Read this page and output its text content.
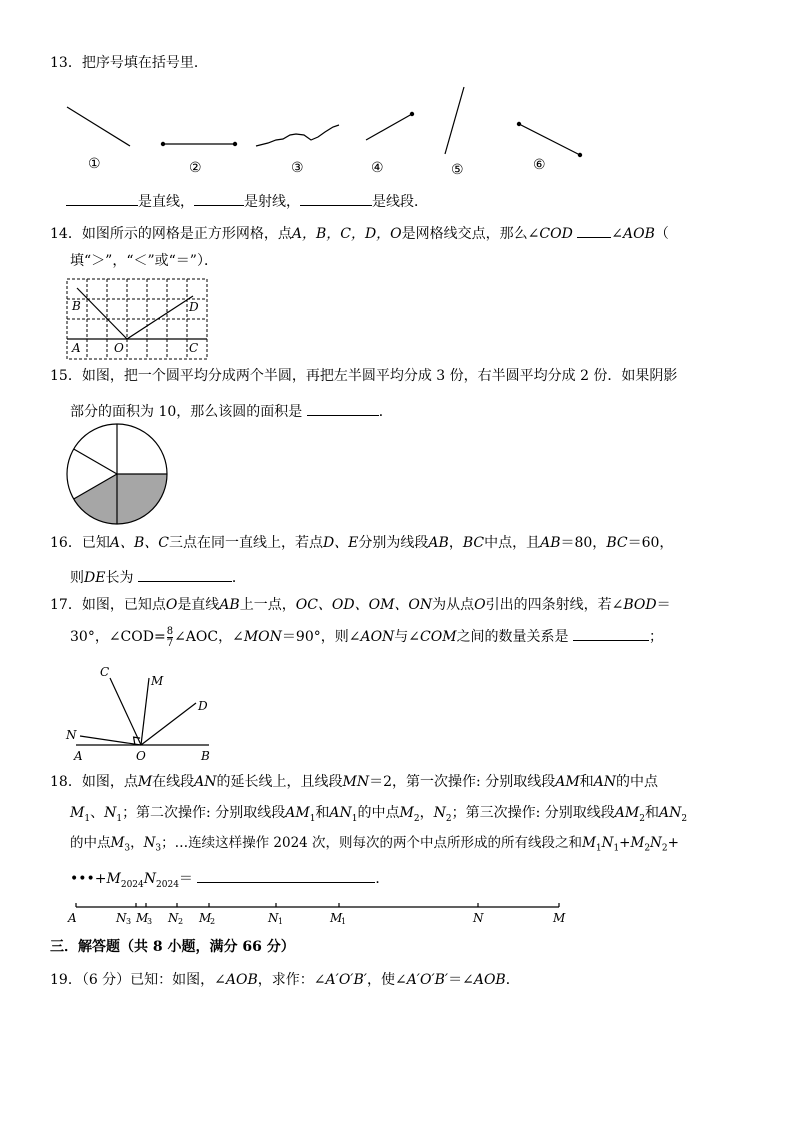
13．把序号填在括号里．
①	②	③	④	⑤	⑥
是直线，	是射线，	是线段．
14．如图所示的网格是正方形网格，点A，B，C，D，O是网格线交点，那么∠COD	∠AOB（
填“＞”，“＜”或“＝”）．
B	D
A	O	C
15．如图，把一个圆平均分成两个半圆，再把左半圆平均分成 3 份，右半圆平均分成 2 份．如果阴影
部分的面积为 10，那么该圆的面积是	．
16．已知A、B、C三点在同一直线上，若点D、E分别为线段AB，BC中点，且AB＝80，BC＝60，
则DE长为	．
17．如图，已知点O是直线AB上一点，OC、OD、OM、ON为从点O引出的四条射线，若∠BOD＝
30°，∠COD= $\frac{8}{7}$ ∠AOC，∠MON＝90°，则∠AON与∠COM之间的数量关系是	；
C
M
D
N
A	O	B
18．如图，点M在线段AN的延长线上，且线段MN＝2，第一次操作: 分别取线段AM和AN的中点
$M_1$、$N_1$；第二次操作: 分别取线段$AM_1$和$AN_1$的中点$M_2$，$N_2$；第三次操作: 分别取线段$AM_2$和$AN_2$
的中点$M_3$，$N_3$；…连续这样操作 2024 次，则每次的两个中点所形成的所有线段之和$M_1N_1+M_2N_2+$
$•••+M_{2024}N_{2024}=$	．
A	N 3 M
3 N 2 M
2	N 1	M
1	N	M
三．解答题（共 8 小题，满分 66 分）
19．（6 分）已知：如图，∠AOB，求作：∠A′O′B′，使∠A′O′B′＝∠AOB．
